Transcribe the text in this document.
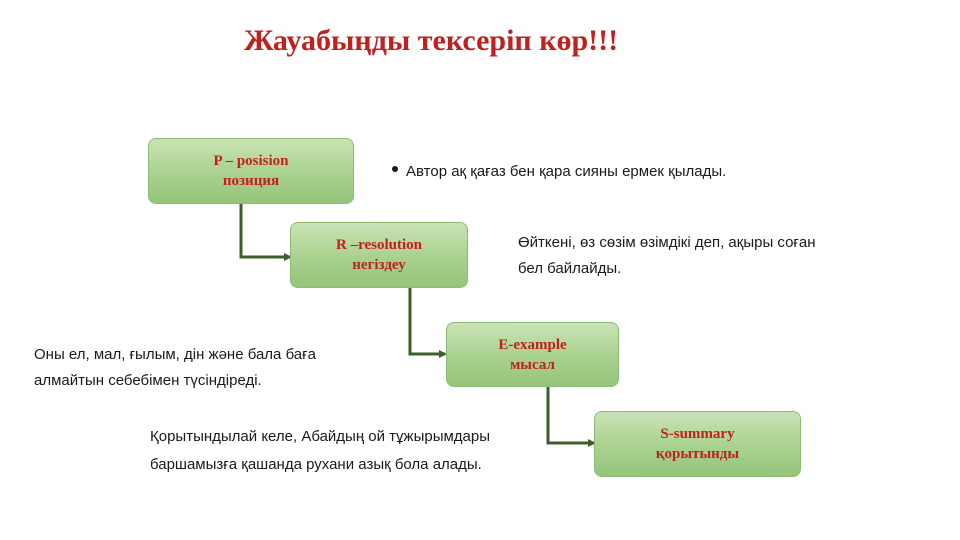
Жауабыңды тексеріп көр!!!
P – posision
позиция
R –resolution
негіздеу
E-example
мысал
S-summary
қорытынды
Автор ақ қағаз бен қара сияны ермек қылады.
Өйткені, өз сөзім өзімдікі деп, ақыры соған
бел байлайды.
Оны ел, мал, ғылым, дін және бала баға
алмайтын себебімен түсіндіреді.
Қорытындылай келе, Абайдың ой тұжырымдары
баршамызға қашанда рухани азық бола алады.
